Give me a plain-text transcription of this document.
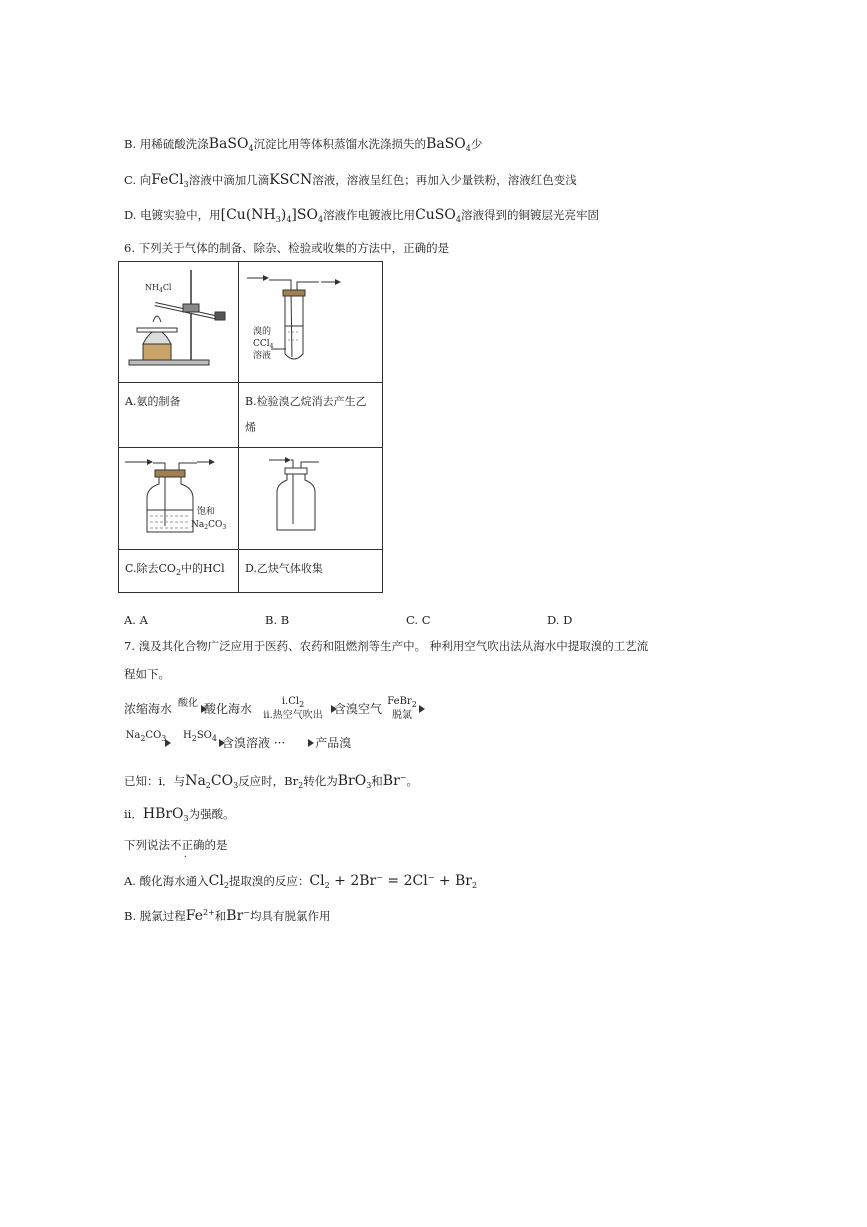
B. 用稀硫酸洗涤BaSO$_4$沉淀比用等体积蒸馏水洗涤损失的BaSO$_4$少
C. 向FeCl$_3$溶液中滴加几滴KSCN溶液，溶液呈红色；再加入少量铁粉，溶液红色变浅
D. 电镀实验中，用$[Cu(NH_3)_4]SO_4$溶液作电镀液比用CuSO$_4$溶液得到的铜镀层光亮牢固
6. 下列关于气体的制备、除杂、检验或收集的方法中，正确的是
$NH_4Cl$	溴的
CCl$_4$
溶液

A.氨的制备	B.检验溴乙烷消去产生乙烯

饱和
$Na_2CO_3$

C.除去$CO_2$中的HCl	D.乙炔气体收集
A. A	B. B	C. C	D. D
7. 溴及其化合物广泛应用于医药、农药和阻燃剂等生产中。 种利用空气吹出法从海水中提取溴的工艺流
程如下。
浓缩海水 酸化
酸化海水
$i.Cl_2$
ii.热空气吹出 含溴空气
FeBr$_2$
脱氯
$Na_2CO_3$
	$H_2SO_4$
含溴溶液 ···

	产品溴
已知：i．与$Na_2CO_3$反应时，$Br_2$转化为BrO$_3$和Br−。
ii．HBrO$_3$为强酸。
下列说法不正确的是
A. 酸化海水通入$Cl_2$提取溴的反应：$Cl_2 + 2Br^- = 2Cl^- + Br_2$
B. 脱氯过程$Fe^{2+}$和Br−均具有脱氯作用
